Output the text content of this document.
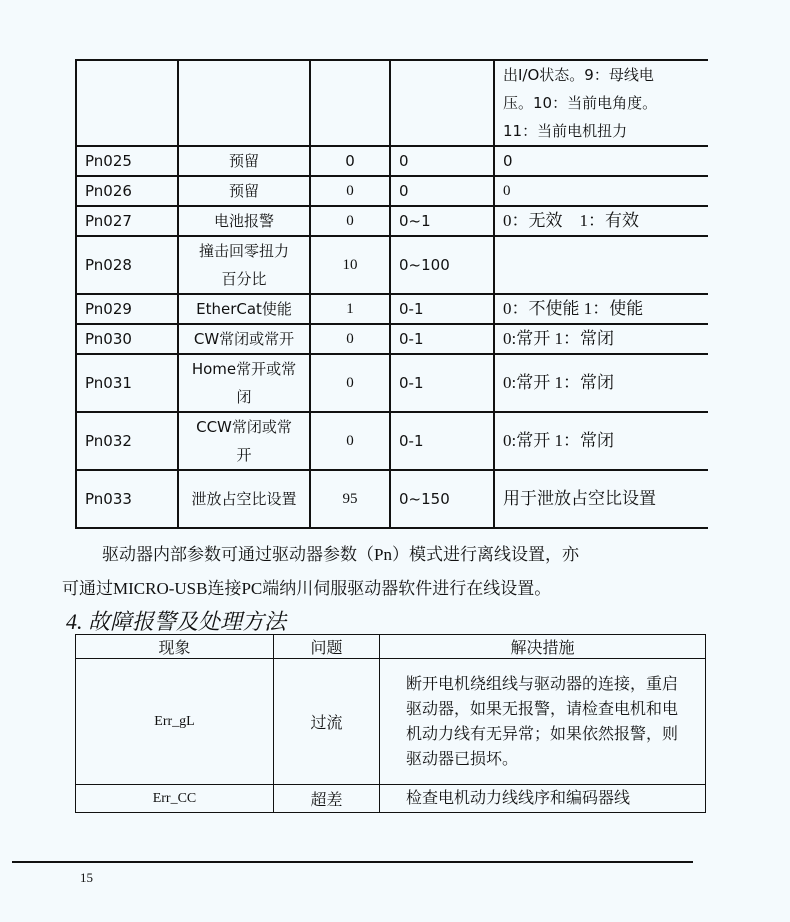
				出I/O状态。9：母线电压。10：当前电角度。11：当前电机扭力
Pn025	预留	0	0	0
Pn026	预留	0	0	0
Pn027	电池报警	0	0~1	0：无效　1：有效
Pn028	撞击回零扭力百分比	10	0~100	
Pn029	EtherCat使能	1	0-1	0：不使能 1：使能
Pn030	CW常闭或常开	0	0-1	0:常开 1：常闭
Pn031	Home常开或常闭	0	0-1	0:常开 1：常闭
Pn032	CCW常闭或常开	0	0-1	0:常开 1：常闭
Pn033	泄放占空比设置	95	0~150	用于泄放占空比设置
驱动器内部参数可通过驱动器参数（Pn）模式进行离线设置，亦
可通过MICRO-USB连接PC端纳川伺服驱动器软件进行在线设置。
4. 故障报警及处理方法
现象	问题	解决措施
Err_gL	过流	断开电机绕组线与驱动器的连接，重启驱动器，如果无报警，请检查电机和电机动力线有无异常；如果依然报警，则驱动器已损坏。
Err_CC	超差	检查电机动力线线序和编码器线
15
